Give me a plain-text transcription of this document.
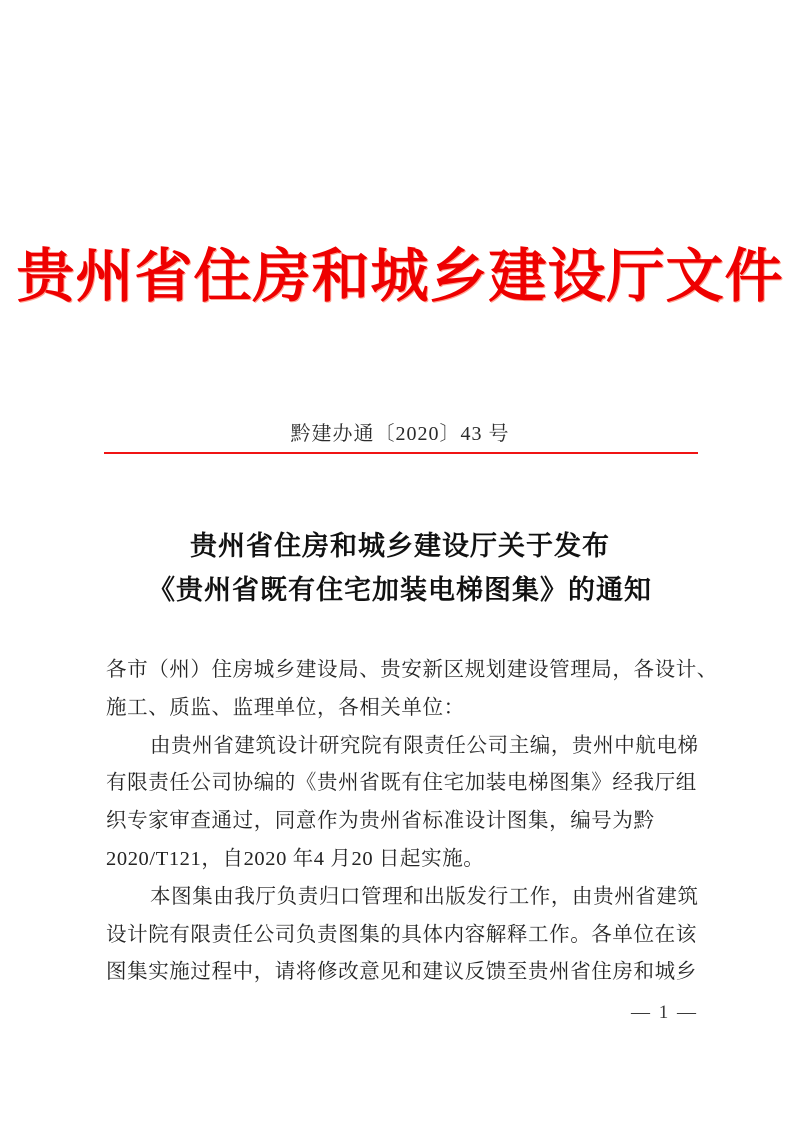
贵州省住房和城乡建设厅文件
黔建办通〔2020〕43 号
贵州省住房和城乡建设厅关于发布
《贵州省既有住宅加装电梯图集》的通知
各市（州）住房城乡建设局、贵安新区规划建设管理局，各设计、
施工、质监、监理单位，各相关单位：
由贵州省建筑设计研究院有限责任公司主编，贵州中航电梯
有限责任公司协编的《贵州省既有住宅加装电梯图集》经我厅组
织专家审查通过，同意作为贵州省标准设计图集，编号为黔
2020/T121，自2020 年4 月20 日起实施。
本图集由我厅负责归口管理和出版发行工作，由贵州省建筑
设计院有限责任公司负责图集的具体内容解释工作。各单位在该
图集实施过程中，请将修改意见和建议反馈至贵州省住房和城乡
— 1 —
